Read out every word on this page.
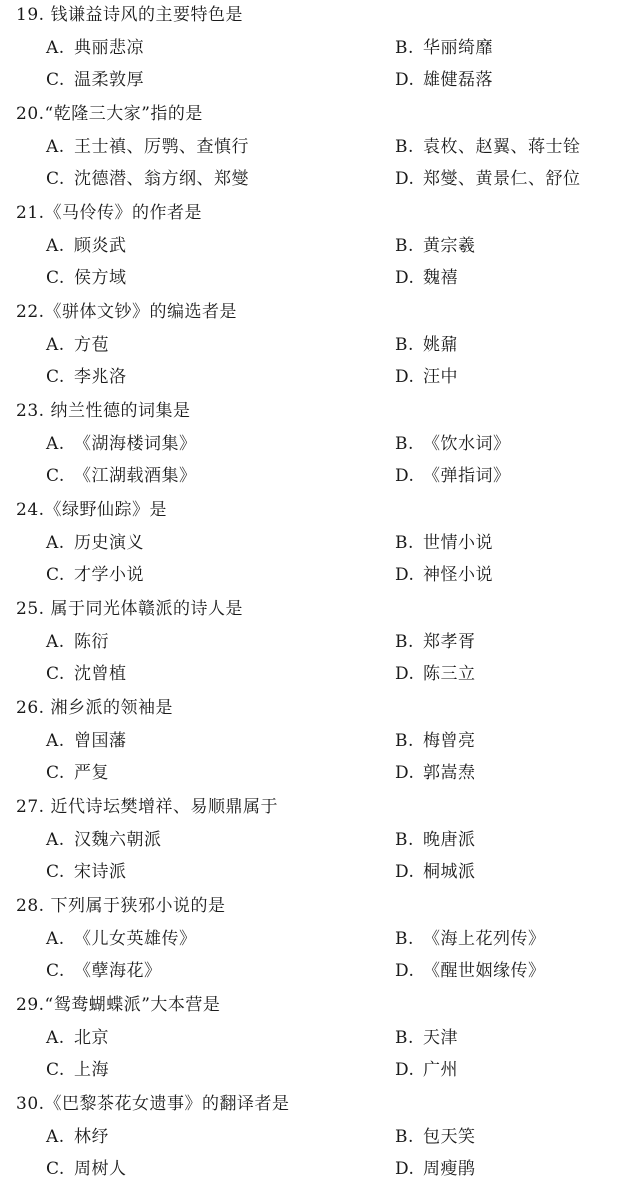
19. 钱谦益诗风的主要特色是
A. 典丽悲凉	B. 华丽绮靡
C. 温柔敦厚	D. 雄健磊落
20.“乾隆三大家”指的是
A. 王士禛、厉鹗、查慎行	B. 袁枚、赵翼、蒋士铨
C. 沈德潜、翁方纲、郑燮	D. 郑燮、黄景仁、舒位
21.《马伶传》的作者是
A. 顾炎武	B. 黄宗羲
C. 侯方域	D. 魏禧
22.《骈体文钞》的编选者是
A. 方苞	B. 姚鼐
C. 李兆洛	D. 汪中
23. 纳兰性德的词集是
A. 《湖海楼词集》	B. 《饮水词》
C. 《江湖载酒集》	D. 《弹指词》
24.《绿野仙踪》是
A. 历史演义	B. 世情小说
C. 才学小说	D. 神怪小说
25. 属于同光体赣派的诗人是
A. 陈衍	B. 郑孝胥
C. 沈曾植	D. 陈三立
26. 湘乡派的领袖是
A. 曾国藩	B. 梅曾亮
C. 严复	D. 郭嵩焘
27. 近代诗坛樊增祥、易顺鼎属于
A. 汉魏六朝派	B. 晚唐派
C. 宋诗派	D. 桐城派
28. 下列属于狭邪小说的是
A. 《儿女英雄传》	B. 《海上花列传》
C. 《孽海花》	D. 《醒世姻缘传》
29.“鸳鸯蝴蝶派”大本营是
A. 北京	B. 天津
C. 上海	D. 广州
30.《巴黎茶花女遗事》的翻译者是
A. 林纾	B. 包天笑
C. 周树人	D. 周瘦鹃
